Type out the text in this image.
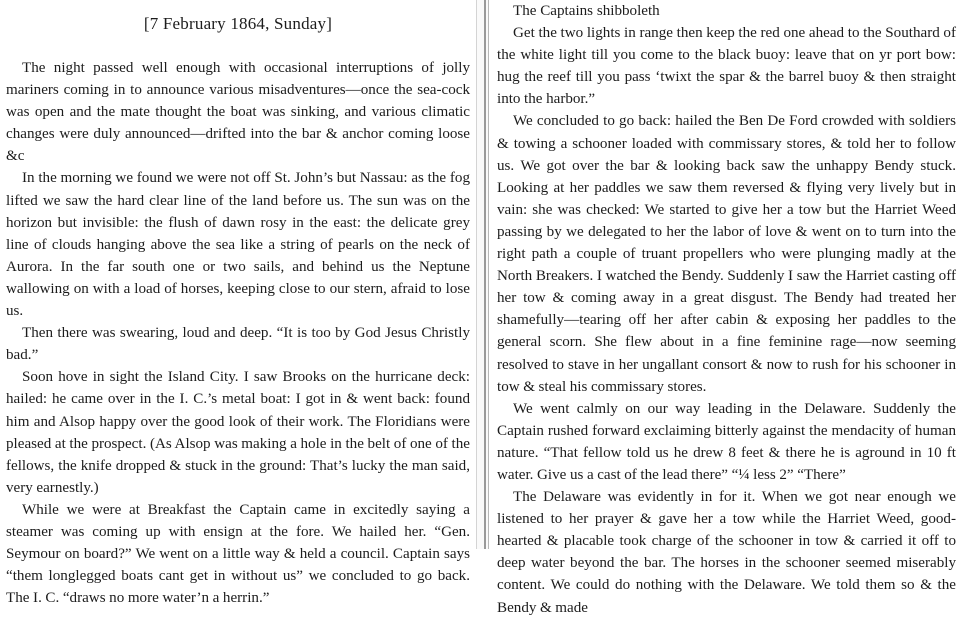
[7 February 1864, Sunday]

The night passed well enough with occasional interruptions of jolly mariners coming in to announce various misadventures—once the sea-cock was open and the mate thought the boat was sinking, and various climatic changes were duly announced—drifted into the bar & anchor coming loose &c

In the morning we found we were not off St. John’s but Nassau: as the fog lifted we saw the hard clear line of the land before us. The sun was on the horizon but invisible: the flush of dawn rosy in the east: the delicate grey line of clouds hanging above the sea like a string of pearls on the neck of Aurora. In the far south one or two sails, and behind us the Neptune wallowing on with a load of horses, keeping close to our stern, afraid to lose us.

Then there was swearing, loud and deep. “It is too by God Jesus Christly bad.”

Soon hove in sight the Island City. I saw Brooks on the hurricane deck: hailed: he came over in the I. C.’s metal boat: I got in & went back: found him and Alsop happy over the good look of their work. The Floridians were pleased at the prospect. (As Alsop was making a hole in the belt of one of the fellows, the knife dropped & stuck in the ground: That’s lucky the man said, very earnestly.)

While we were at Breakfast the Captain came in excitedly saying a steamer was coming up with ensign at the fore. We hailed her. “Gen. Seymour on board?” We went on a little way & held a council. Captain says “them longlegged boats cant get in without us” we concluded to go back. The I. C. “draws no more water’n a herrin.”

The Captains shibboleth

Get the two lights in range then keep the red one ahead to the Southard of the white light till you come to the black buoy: leave that on yr port bow: hug the reef till you pass ‘twixt the spar & the barrel buoy & then straight into the harbor.”

We concluded to go back: hailed the Ben De Ford crowded with soldiers & towing a schooner loaded with commissary stores, & told her to follow us. We got over the bar & looking back saw the unhappy Bendy stuck. Looking at her paddles we saw them reversed & flying very lively but in vain: she was checked: We started to give her a tow but the Harriet Weed passing by we delegated to her the labor of love & went on to turn into the right path a couple of truant propellers who were plunging madly at the North Breakers. I watched the Bendy. Suddenly I saw the Harriet casting off her tow & coming away in a great disgust. The Bendy had treated her shamefully—tearing off her after cabin & exposing her paddles to the general scorn. She flew about in a fine feminine rage—now seeming resolved to stave in her ungallant consort & now to rush for his schooner in tow & steal his commissary stores.

We went calmly on our way leading in the Delaware. Suddenly the Captain rushed forward exclaiming bitterly against the mendacity of human nature. “That fellow told us he drew 8 feet & there he is aground in 10 ft water. Give us a cast of the lead there” “¼ less 2” “There”

The Delaware was evidently in for it. When we got near enough we listened to her prayer & gave her a tow while the Harriet Weed, good-hearted & placable took charge of the schooner in tow & carried it off to deep water beyond the bar. The horses in the schooner seemed miserably content. We could do nothing with the Delaware. We told them so & the Bendy & made
